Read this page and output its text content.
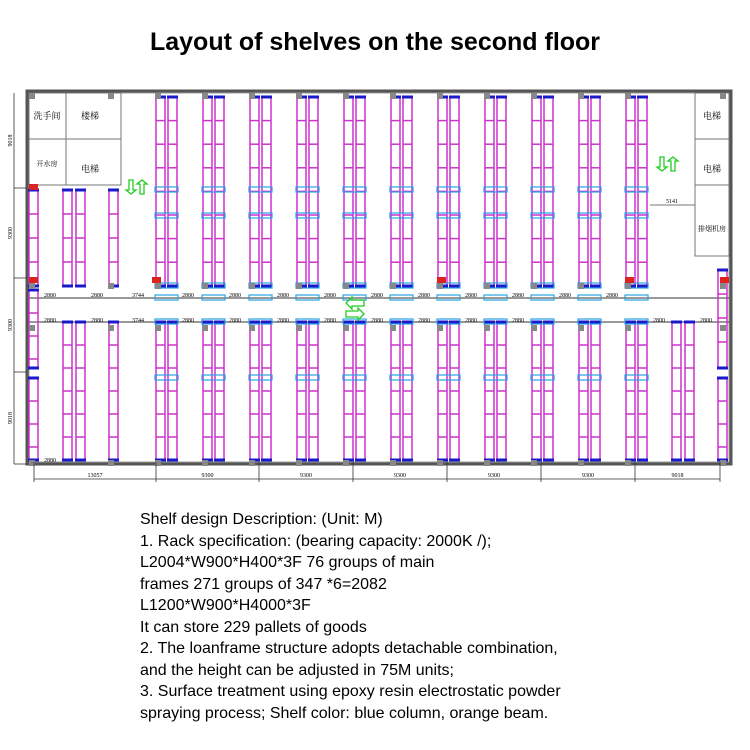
Layout of shelves on the second floor
洗手间 楼梯
开水房	电梯
电梯
电梯
排烟机房
5141
9018
9300
9300
9018
13057	9300	9300	9300	9300	9300	9018
2880	2880	3744	2880	2880	2880	2880	2880	2880	2880	2880	2880	2880
2880	2880	3744	2880	2880	2880	2880	2880	2880	2880	2880	2800	2800
2880
Shelf design Description: (Unit: M)
1. Rack specification: (bearing capacity: 2000K /);
L2004*W900*H400*3F 76 groups of main
frames 271 groups of 347 *6=2082
L1200*W900*H4000*3F
It can store 229 pallets of goods
2. The loanframe structure adopts detachable combination,
and the height can be adjusted in 75M units;
3. Surface treatment using epoxy resin electrostatic powder
spraying process; Shelf color: blue column, orange beam.
